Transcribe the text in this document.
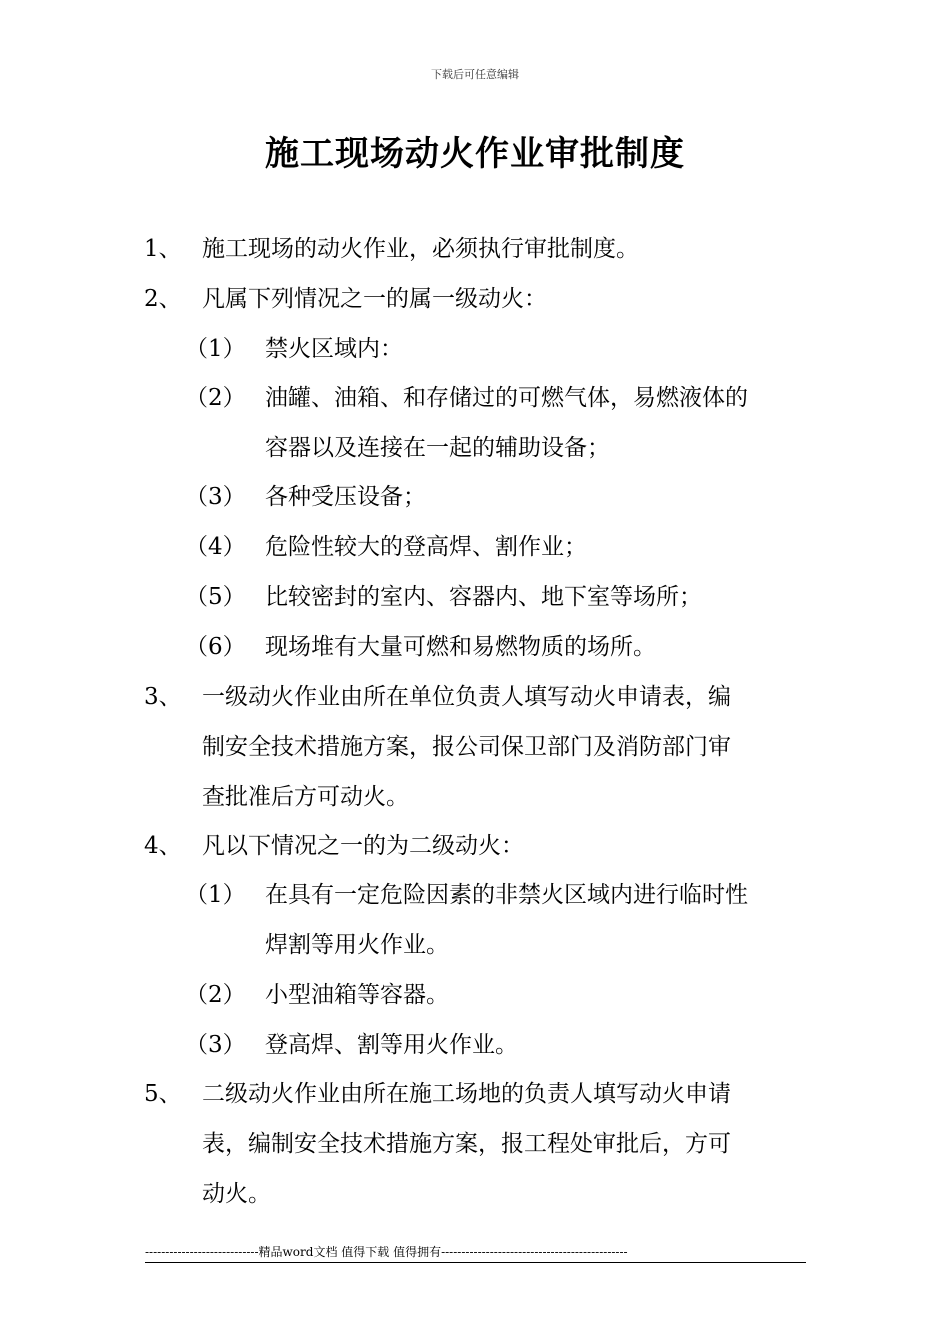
下载后可任意编辑
施工现场动火作业审批制度
1、 施工现场的动火作业，必须执行审批制度。
2、 凡属下列情况之一的属一级动火：
（1） 禁火区域内：
（2） 油罐、油箱、和存储过的可燃气体，易燃液体的
容器以及连接在一起的辅助设备；
（3） 各种受压设备；
（4） 危险性较大的登高焊、割作业；
（5） 比较密封的室内、容器内、地下室等场所；
（6） 现场堆有大量可燃和易燃物质的场所。
3、 一级动火作业由所在单位负责人填写动火申请表，编
制安全技术措施方案，报公司保卫部门及消防部门审
查批准后方可动火。
4、 凡以下情况之一的为二级动火：
（1） 在具有一定危险因素的非禁火区域内进行临时性
焊割等用火作业。
（2） 小型油箱等容器。
（3） 登高焊、割等用火作业。
5、 二级动火作业由所在施工场地的负责人填写动火申请
表，编制安全技术措施方案，报工程处审批后，方可
动火。
----------------------------精品word文档 值得下载 值得拥有----------------------------------------------
